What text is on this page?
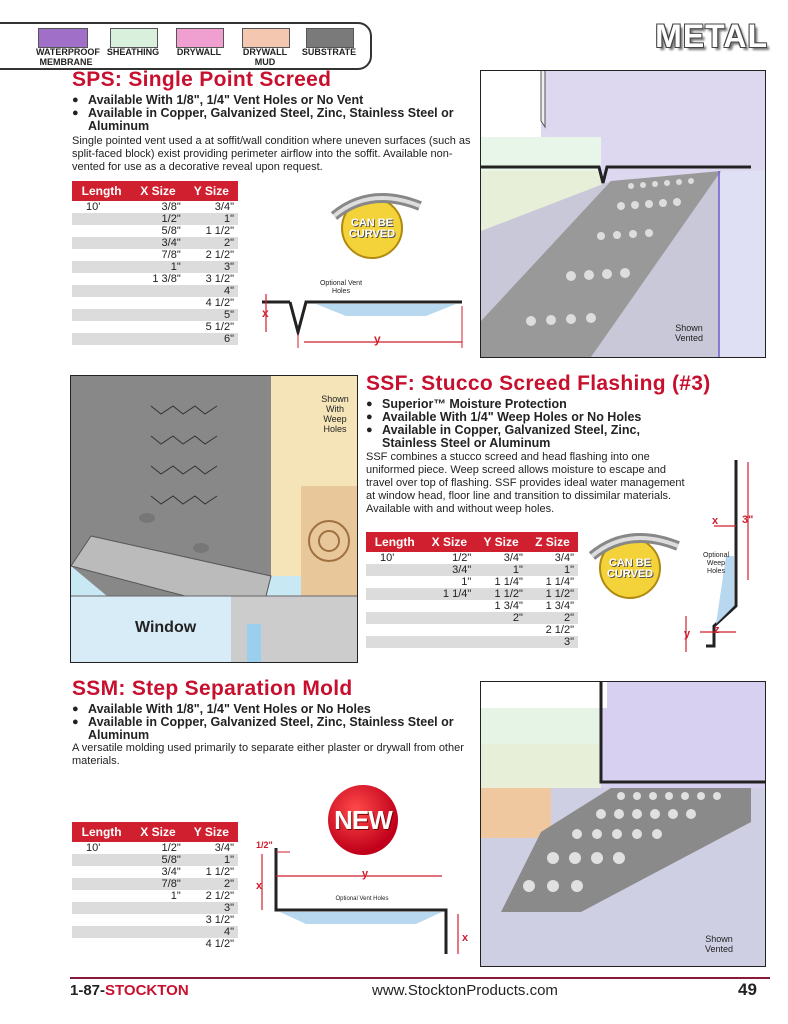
WATERPROOF MEMBRANE
SHEATHING	DRYWALL	DRYWALL MUD
SUBSTRATE	METAL
SPS: Single Point Screed
● Available With 1/8", 1/4" Vent Holes or No Vent
● Available in Copper, Galvanized Steel, Zinc, Stainless Steel or Aluminum

Single pointed vent used a at soffit/wall condition where uneven surfaces (such as split-faced block) exist providing perimeter airflow into the soffit. Available non-vented for use as a decorative reveal upon request.

Length	X Size	Y Size
10'	3/8"	3/4"
	1/2"	1"
	5/8"	1 1/2"
	3/4"	2"
	7/8"	2 1/2"
	1"	3"
	1 3/8"	3 1/2"
		4"
		4 1/2"
		5"
		5 1/2"
		6"
CAN BE CURVED
Optional Vent Holes
x
y
Shown Vented
Shown With Weep Holes
Window
SSF: Stucco Screed Flashing (#3)
● Superior™ Moisture Protection
● Available With 1/4" Weep Holes or No Holes
● Available in Copper, Galvanized Steel, Zinc, Stainless Steel or Aluminum

SSF combines a stucco screed and head flashing into one uniformed piece. Weep screed allows moisture to escape and travel over top of flashing. SSF provides ideal water management at window head, floor line and transition to dissimilar materials. Available with and without weep holes.

Length	X Size	Y Size	Z Size
10'	1/2"	3/4"	3/4"
	3/4"	1"	1"
	1"	1 1/4"	1 1/4"
	1 1/4"	1 1/2"	1 1/2"
		1 3/4"	1 3/4"
		2"	2"
			2 1/2"
			3"
CAN BE CURVED
3"
Optional Weep Holes
x
y z
SSM: Step Separation Mold
● Available With 1/8", 1/4" Vent Holes or No Holes
● Available in Copper, Galvanized Steel, Zinc, Stainless Steel or Aluminum

A versatile molding used primarily to separate either plaster or drywall from other materials.

NEW
Length	X Size	Y Size
10'	1/2"	3/4"
	5/8"	1"
	3/4"	1 1/2"
	7/8"	2"
	1"	2 1/2"
		3"
		3 1/2"
		4"
		4 1/2"
1/2"
Optional Vent Holes
x
y
x	Shown Vented
1-87-STOCKTON	www.StocktonProducts.com	49
